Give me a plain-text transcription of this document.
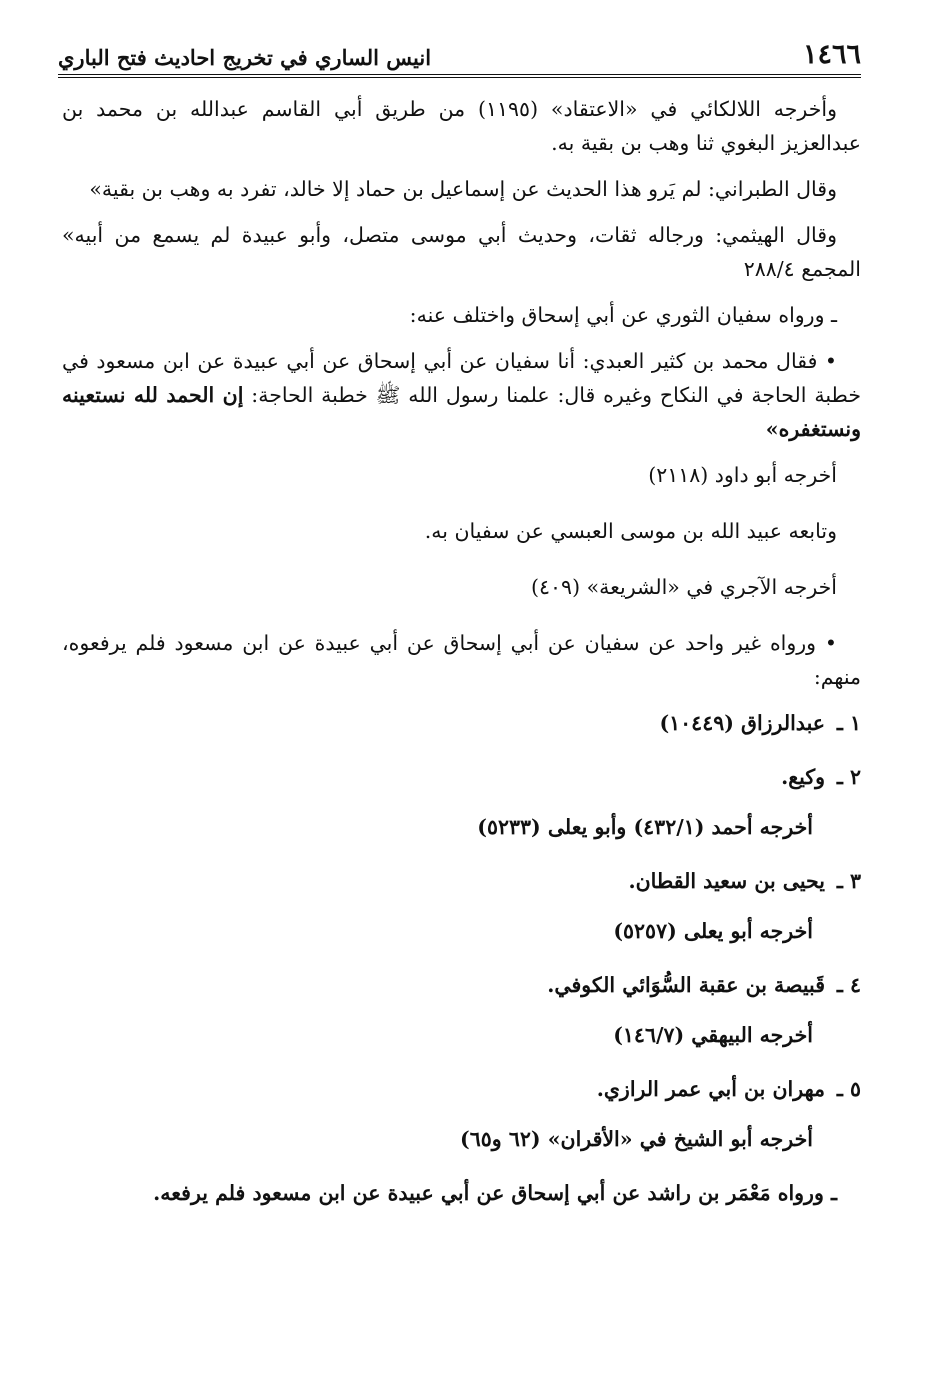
١٤٦٦
انيس الساري في تخريج احاديث فتح الباري

وأخرجه اللالكائي في «الاعتقاد» (١١٩٥) من طريق أبي القاسم عبدالله بن محمد بن عبدالعزيز البغوي ثنا وهب بن بقية به.

وقال الطبراني: لم يَرو هذا الحديث عن إسماعيل بن حماد إلا خالد، تفرد به وهب بن بقية»

وقال الهيثمي: ورجاله ثقات، وحديث أبي موسى متصل، وأبو عبيدة لم يسمع من أبيه» المجمع ٢٨٨/٤

ـ ورواه سفيان الثوري عن أبي إسحاق واختلف عنه:

• فقال محمد بن كثير العبدي: أنا سفيان عن أبي إسحاق عن أبي عبيدة عن ابن مسعود في خطبة الحاجة في النكاح وغيره قال: علمنا رسول الله ﷺ خطبة الحاجة: إن الحمد لله نستعينه ونستغفره»

أخرجه أبو داود (٢١١٨)

وتابعه عبيد الله بن موسى العبسي عن سفيان به.

أخرجه الآجري في «الشريعة» (٤٠٩)

• ورواه غير واحد عن سفيان عن أبي إسحاق عن أبي عبيدة عن ابن مسعود فلم يرفعوه، منهم:

١ ـ
عبدالرزاق (١٠٤٤٩)
٢ ـ
وكيع.
أخرجه أحمد (٤٣٢/١) وأبو يعلى (٥٢٣٣)
٣ ـ
يحيى بن سعيد القطان.
أخرجه أبو يعلى (٥٢٥٧)
٤ ـ
قَبيصة بن عقبة السُّوَائي الكوفي.
أخرجه البيهقي (١٤٦/٧)
٥ ـ
مهران بن أبي عمر الرازي.
أخرجه أبو الشيخ في «الأقران» (٦٢ و٦٥)

ـ ورواه مَعْمَر بن راشد عن أبي إسحاق عن أبي عبيدة عن ابن مسعود فلم يرفعه.
